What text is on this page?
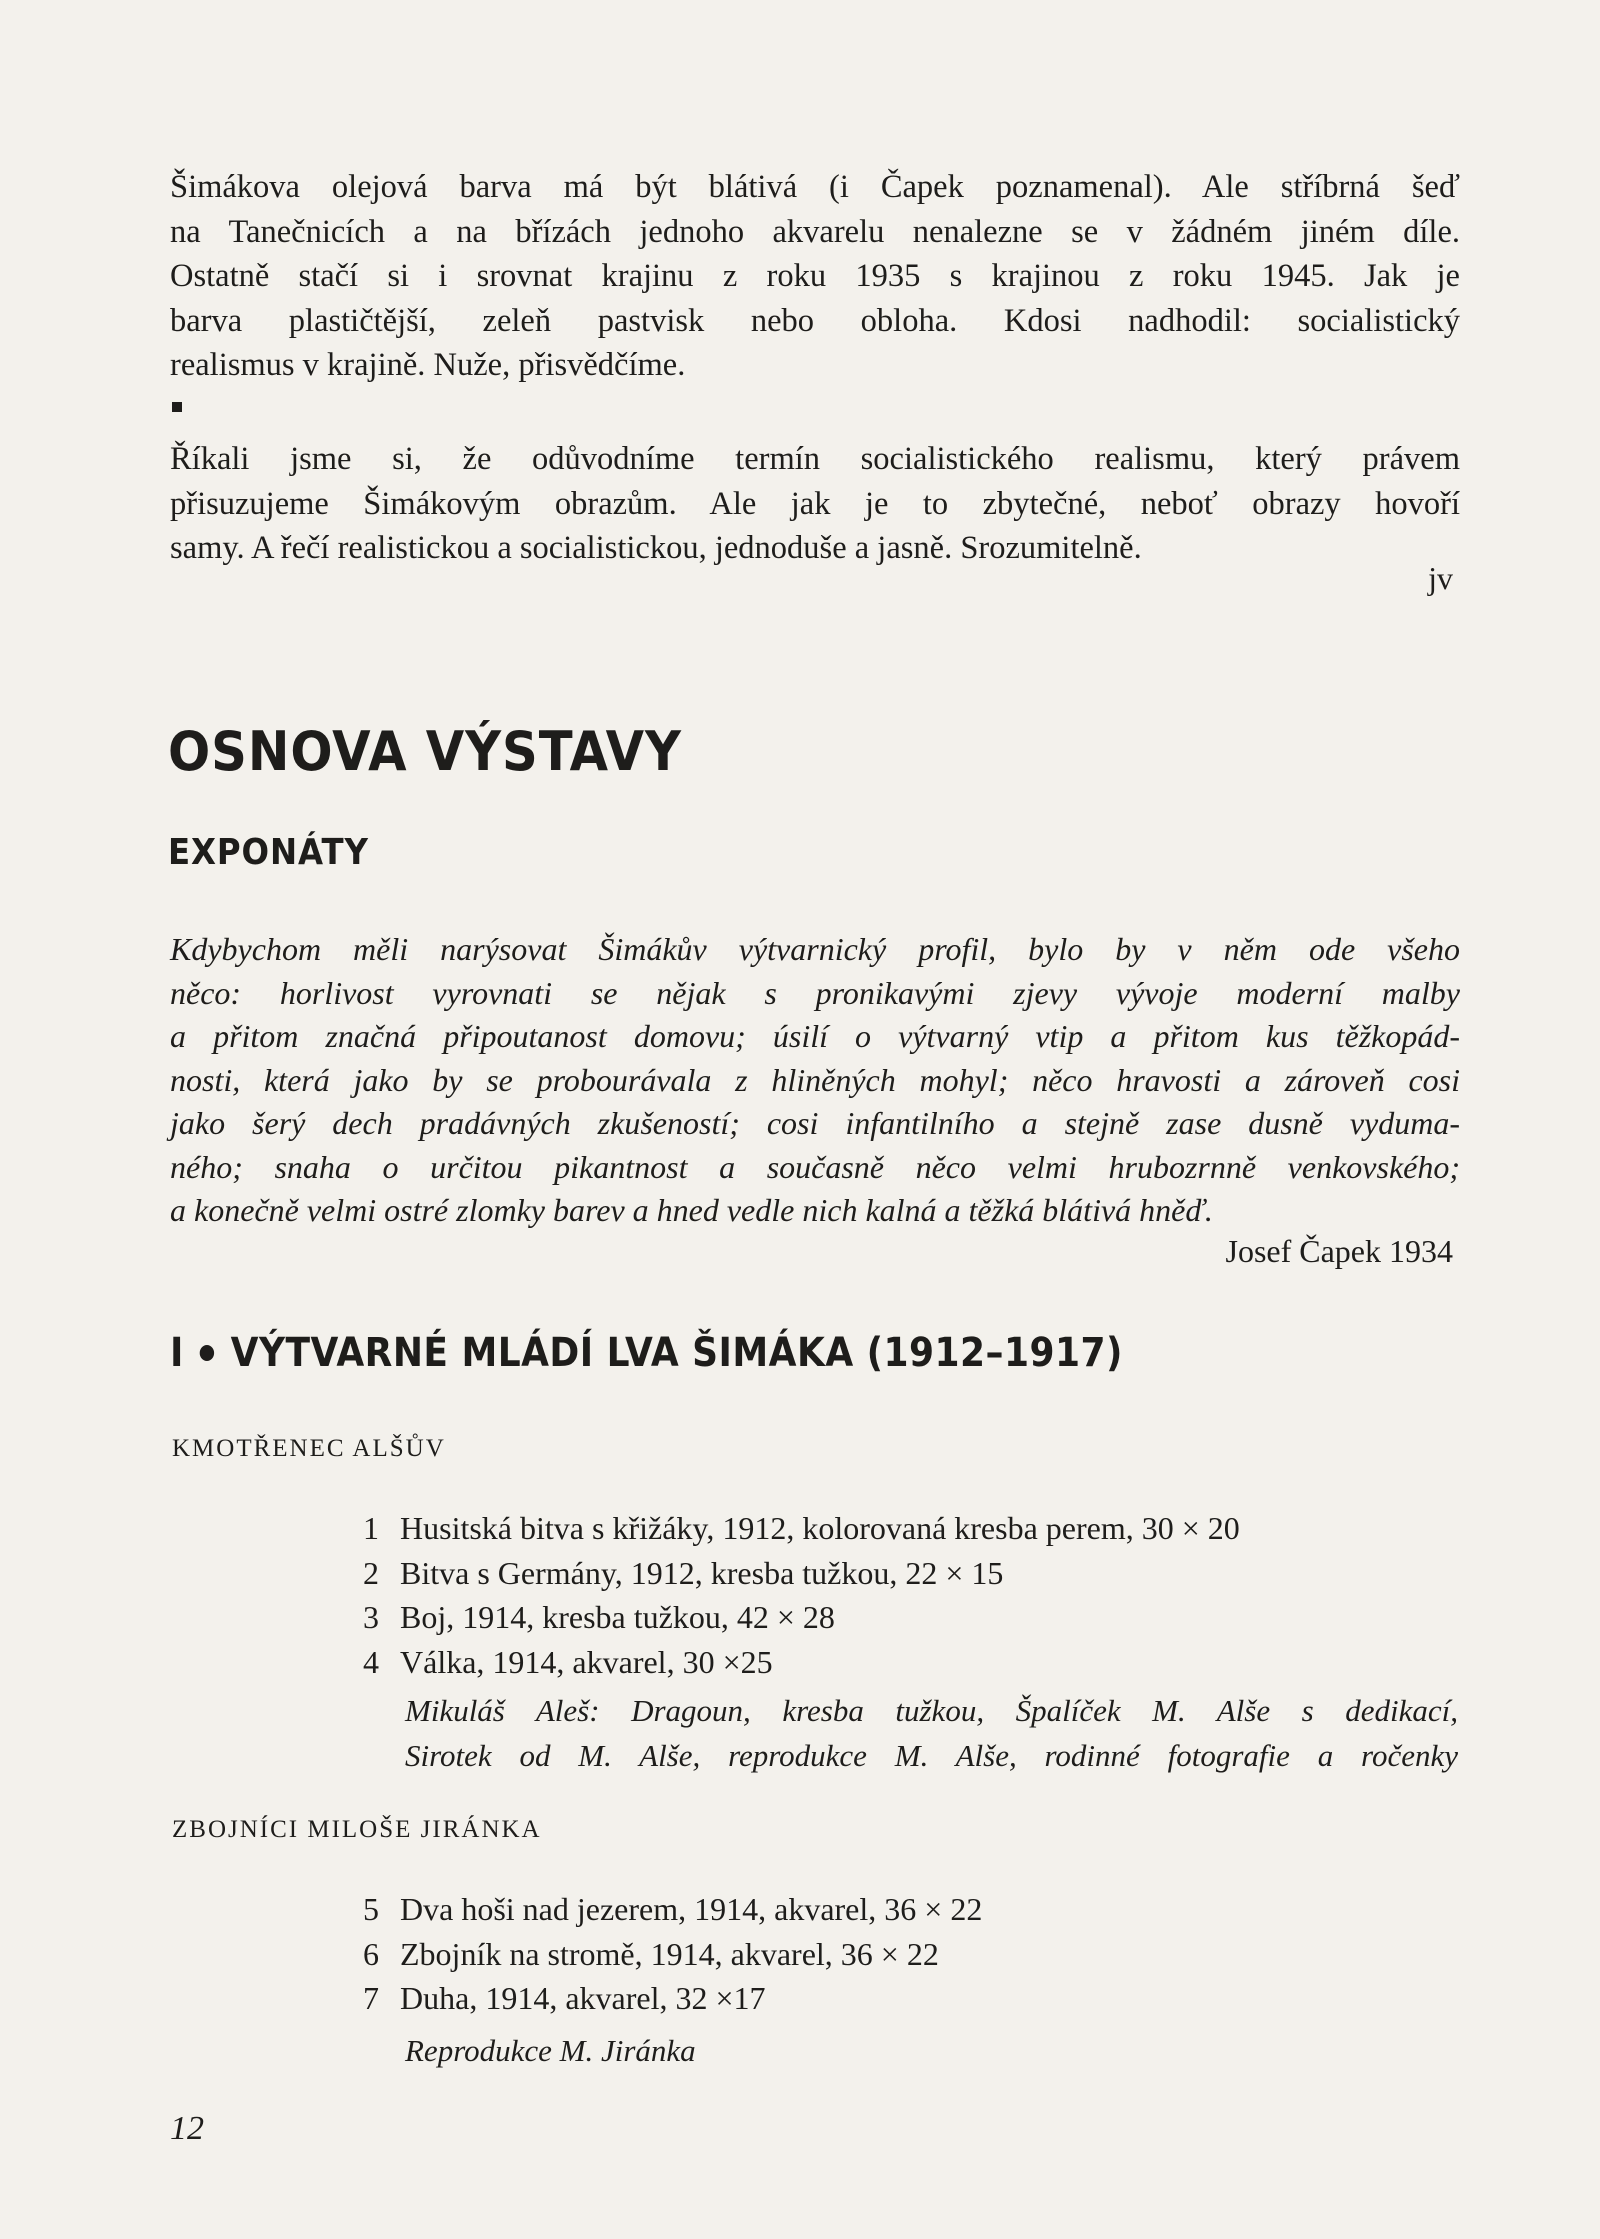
Šimákova olejová barva má být blátivá (i Čapek poznamenal). Ale stříbrná šeď
na Tanečnicích a na břízách jednoho akvarelu nenalezne se v žádném jiném díle.
Ostatně stačí si i srovnat krajinu z roku 1935 s krajinou z roku 1945. Jak je
barva plastičtější, zeleň pastvisk nebo obloha. Kdosi nadhodil: socialistický
realismus v krajině. Nuže, přisvědčíme.
Říkali jsme si, že odůvodníme termín socialistického realismu, který právem
přisuzujeme Šimákovým obrazům. Ale jak je to zbytečné, neboť obrazy hovoří
samy. A řečí realistickou a socialistickou, jednoduše a jasně. Srozumitelně.
jv
OSNOVA VÝSTAVY
EXPONÁTY
Kdybychom měli narýsovat Šimákův výtvarnický profil, bylo by v něm ode všeho
něco: horlivost vyrovnati se nějak s pronikavými zjevy vývoje moderní malby
a přitom značná připoutanost domovu; úsilí o výtvarný vtip a přitom kus těžkopád-
nosti, která jako by se probourávala z hliněných mohyl; něco hravosti a zároveň cosi
jako šerý dech pradávných zkušeností; cosi infantilního a stejně zase dusně vyduma-
ného; snaha o určitou pikantnost a současně něco velmi hrubozrnně venkovského;
a konečně velmi ostré zlomky barev a hned vedle nich kalná a těžká blátivá hněď.
Josef Čapek 1934
I VÝTVARNÉ MLÁDÍ LVA ŠIMÁKA (1912–1917)
KMOTŘENEC ALŠŮV
1 Husitská bitva s křižáky, 1912, kolorovaná kresba perem, 30 × 20
2 Bitva s Germány, 1912, kresba tužkou, 22 × 15
3 Boj, 1914, kresba tužkou, 42 × 28
4 Válka, 1914, akvarel, 30 ×25
Mikuláš Aleš: Dragoun, kresba tužkou, Špalíček M. Alše s dedikací,
Sirotek od M. Alše, reprodukce M. Alše, rodinné fotografie a ročenky
ZBOJNÍCI MILOŠE JIRÁNKA
5 Dva hoši nad jezerem, 1914, akvarel, 36 × 22
6 Zbojník na stromě, 1914, akvarel, 36 × 22
7 Duha, 1914, akvarel, 32 ×17
Reprodukce M. Jiránka
12
